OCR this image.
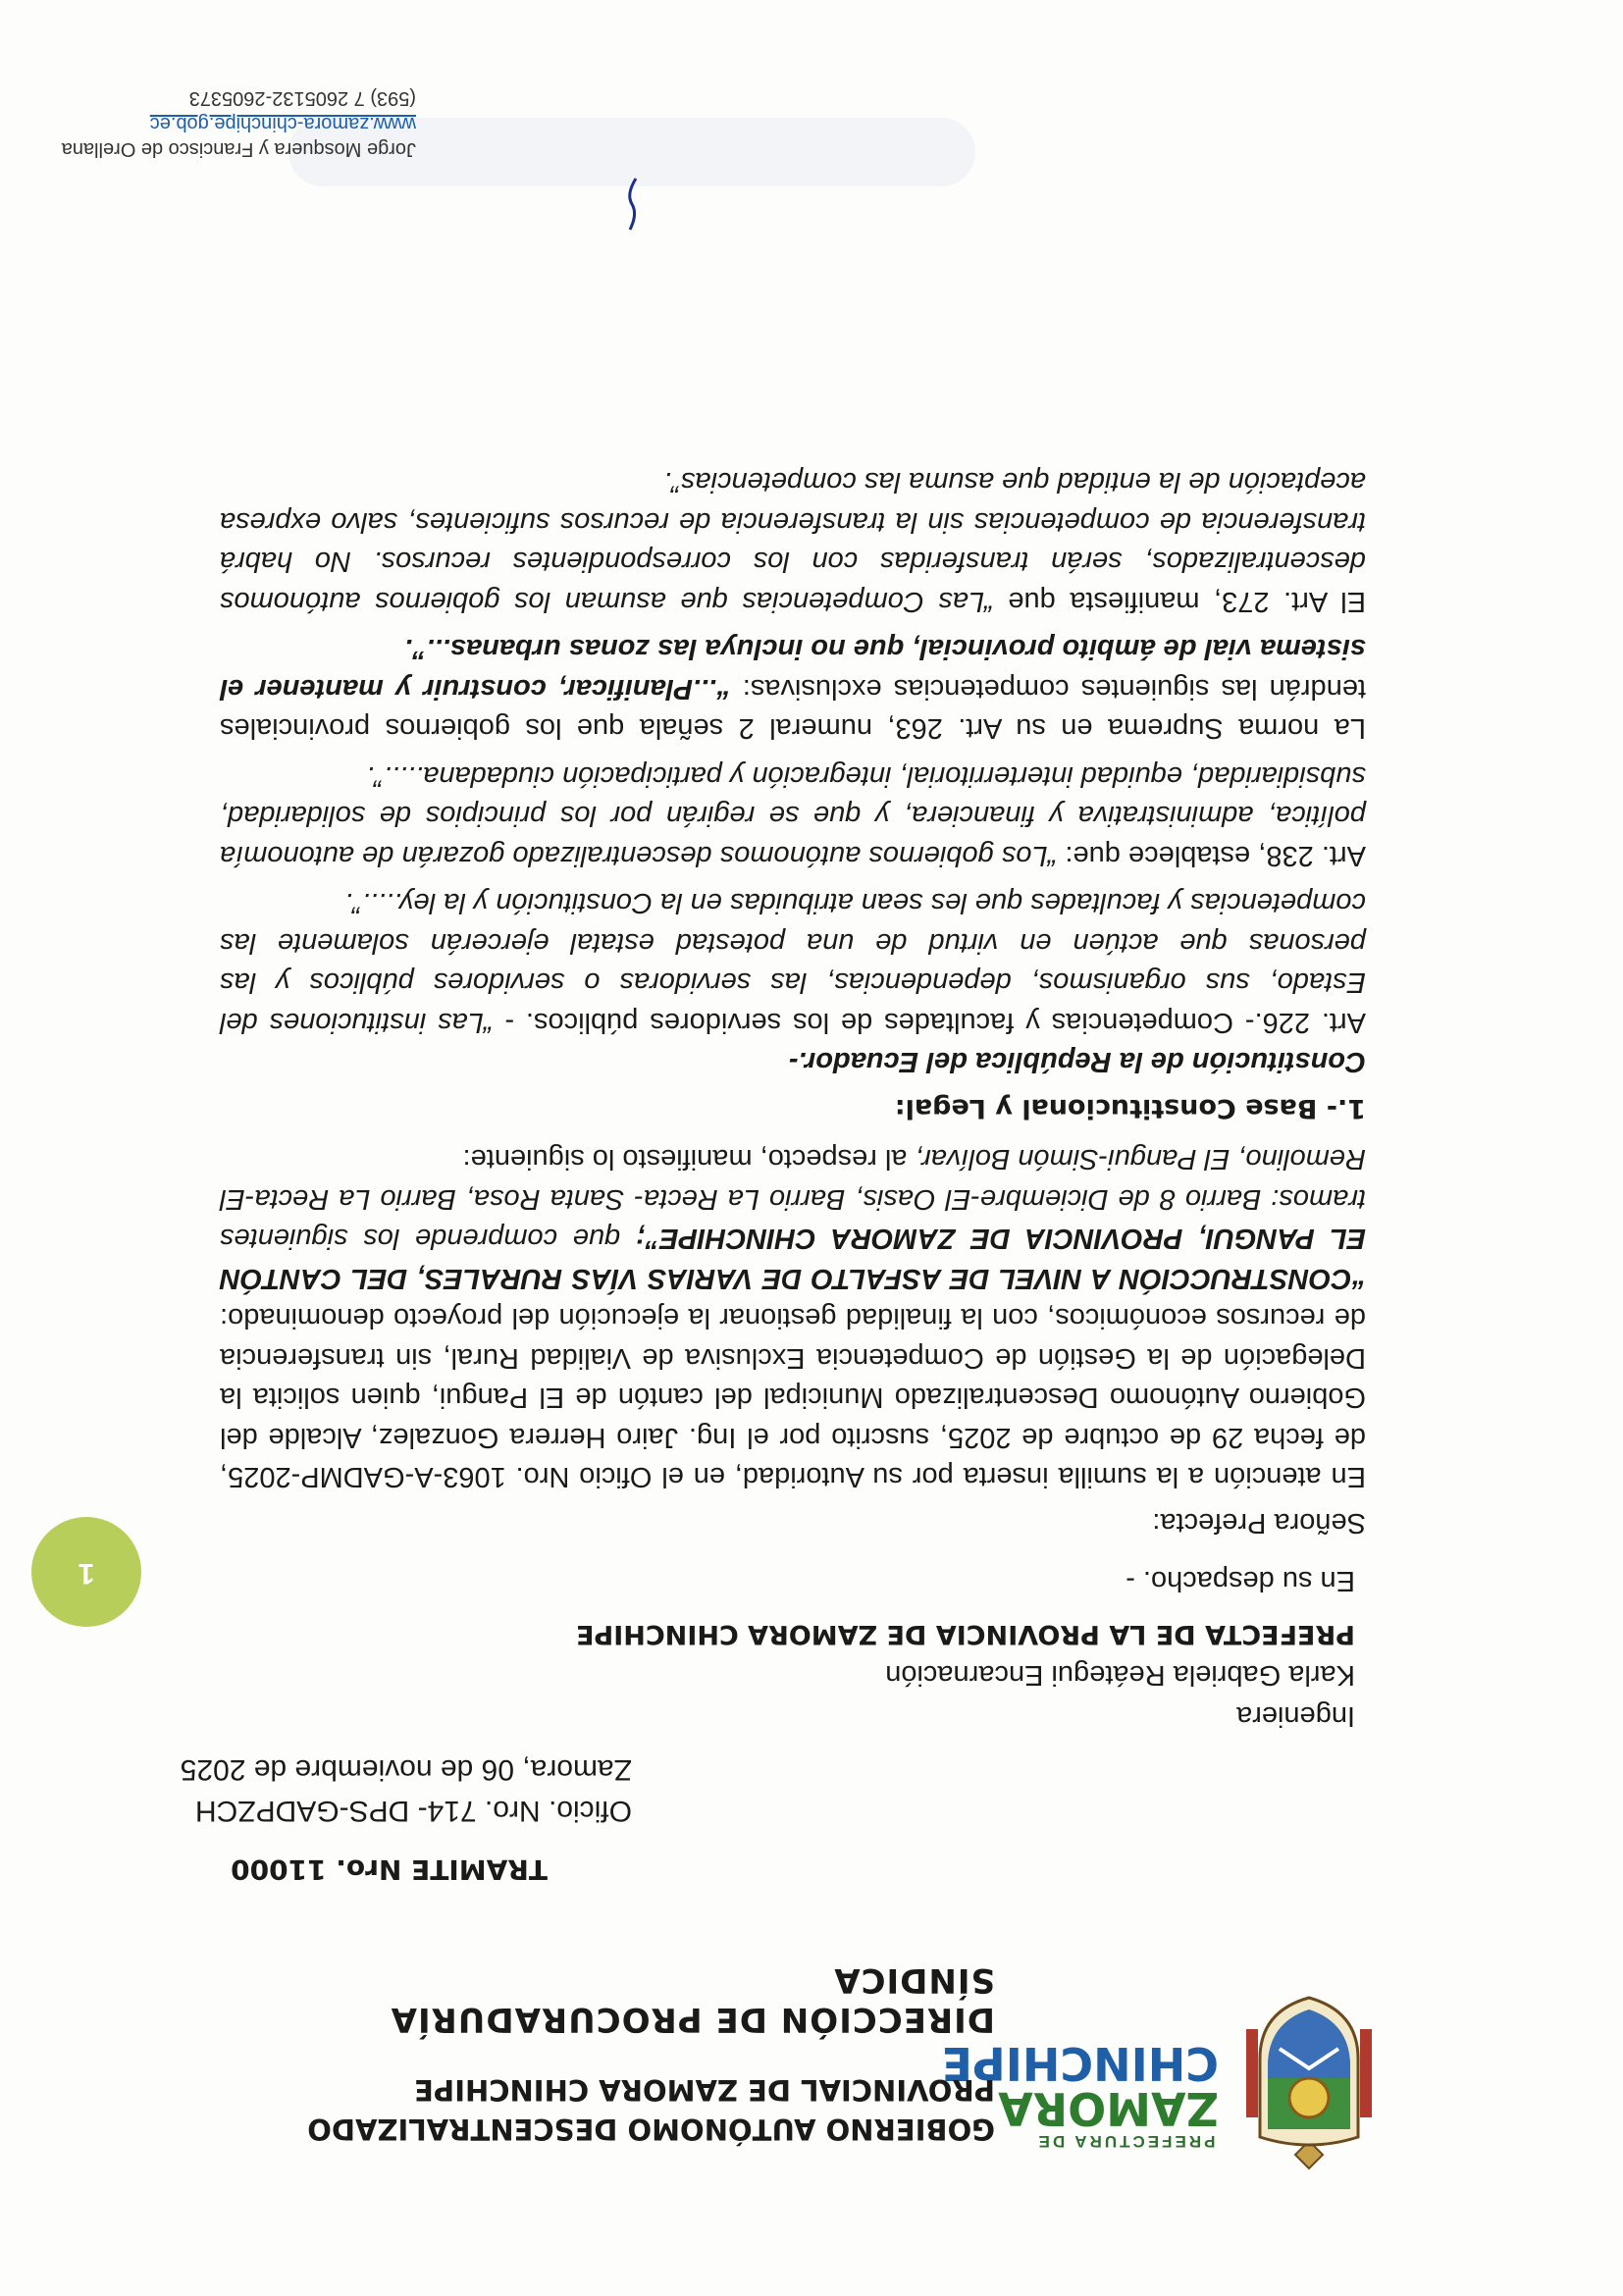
PREFECTURA DE
ZAMORA
CHINCHIPE
GOBIERNO AUTÓNOMO DESCENTRALIZADO
PROVINCIAL DE ZAMORA CHINCHIPE
DIRECCIÓN DE PROCURADURÍA SÍNDICA
TRAMITE Nro. 11000
Oficio. Nro. 714- DPS-GADPZCH
Zamora, 06 de noviembre de 2025
Ingeniera
Karla Gabriela Reátegui Encarnación
PREFECTA DE LA PROVINCIA DE ZAMORA CHINCHIPE
En su despacho. -
1

Señora Prefecta:

En atención a la sumilla inserta por su Autoridad, en el Oficio Nro. 1063-A-GADMP-2025, de fecha 29 de octubre de 2025, suscrito por el Ing. Jairo Herrera Gonzalez, Alcalde del Gobierno Autónomo Descentralizado Municipal del cantón de El Pangui, quien solicita la Delegación de la Gestión de Competencia Exclusiva de Vialidad Rural, sin transferencia de recursos económicos, con la finalidad gestionar la ejecución del proyecto denominado: “CONSTRUCCIÓN A NIVEL DE ASFALTO DE VARIAS VÍAS RURALES, DEL CANTÓN EL PANGUI, PROVINCIA DE ZAMORA CHINCHIPE”; que comprende los siguientes tramos: Barrio 8 de Diciembre-El Oasis, Barrio La Recta- Santa Rosa, Barrio La Recta-El Remolino, El Pangui-Simón Bolívar, al respecto, manifiesto lo siguiente:

1.- Base Constitucional y Legal:
Constitución de la República del Ecuador.-

Art. 226.- Competencias y facultades de los servidores públicos. - “Las instituciones del Estado, sus organismos, dependencias, las servidoras o servidores públicos y las personas que actúen en virtud de una potestad estatal ejercerán solamente las competencias y facultades que les sean atribuidas en la Constitución y la ley.....”.

Art. 238, establece que: “Los gobiernos autónomos descentralizado gozarán de autonomía política, administrativa y financiera, y que se regirán por los principios de solidaridad, subsidiaridad, equidad interterritorial, integración y participación ciudadana.....”.

La norma Suprema en su Art. 263, numeral 2 señala que los gobiernos provinciales tendrán las siguientes competencias exclusivas: “...Planificar, construir y mantener el sistema vial de ámbito provincial, que no incluya las zonas urbanas...”.

El Art. 273, manifiesta que “Las Competencias que asuman los gobiernos autónomos descentralizados, serán transferidas con los correspondientes recursos. No habrá transferencia de competencias sin la transferencia de recursos suficientes, salvo expresa aceptación de la entidad que asuma las competencias”.

Jorge Mosquera y Francisco de Orellana
www.zamora-chinchipe.gob.ec
(593) 7 2605132-2605373
